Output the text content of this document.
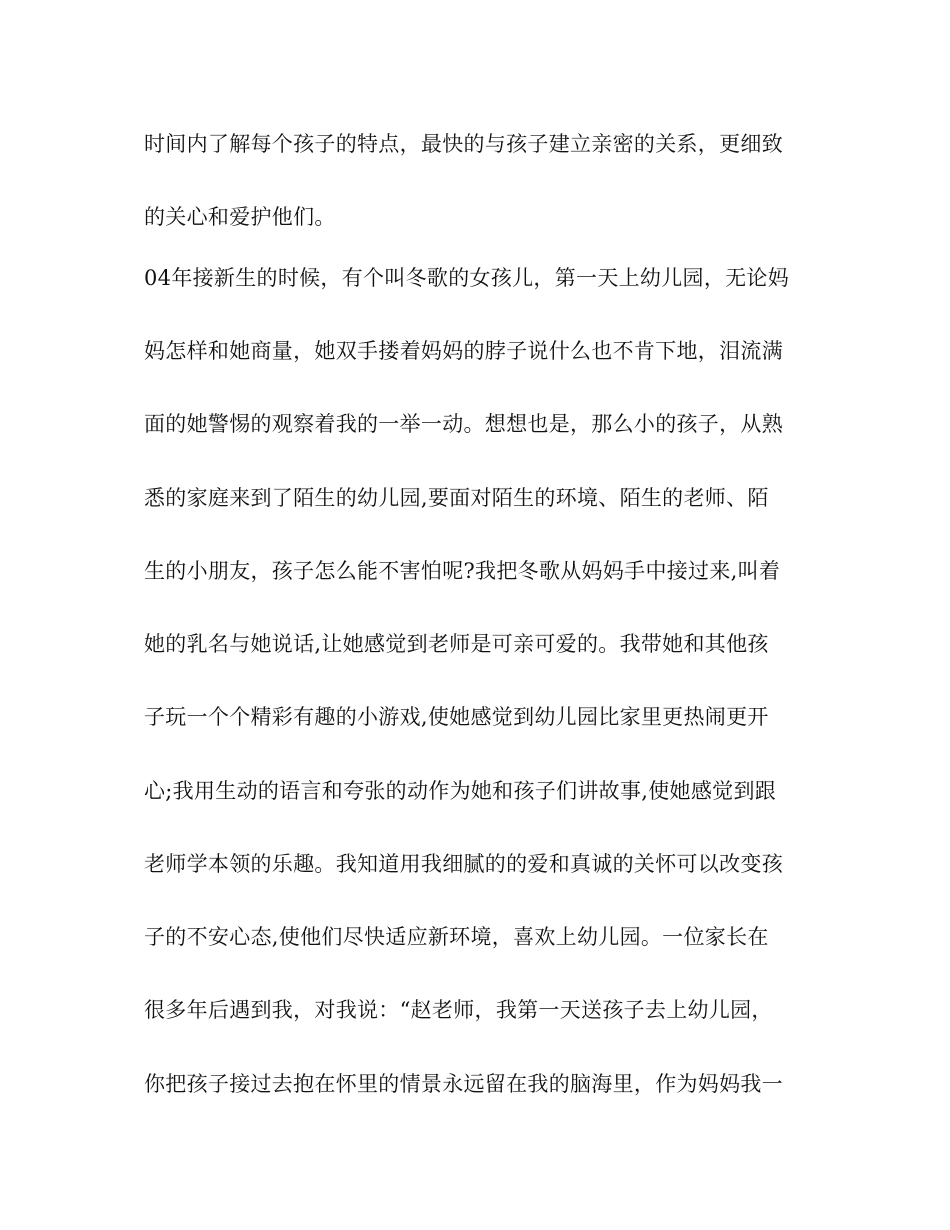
时间内了解每个孩子的特点，最快的与孩子建立亲密的关系，更细致
的关心和爱护他们。
04年接新生的时候，有个叫冬歌的女孩儿，第一天上幼儿园，无论妈
妈怎样和她商量，她双手搂着妈妈的脖子说什么也不肯下地，泪流满
面的她警惕的观察着我的一举一动。想想也是，那么小的孩子，从熟
悉的家庭来到了陌生的幼儿园,要面对陌生的环境、陌生的老师、陌
生的小朋友，孩子怎么能不害怕呢?我把冬歌从妈妈手中接过来,叫着
她的乳名与她说话,让她感觉到老师是可亲可爱的。我带她和其他孩
子玩一个个精彩有趣的小游戏,使她感觉到幼儿园比家里更热闹更开
心;我用生动的语言和夸张的动作为她和孩子们讲故事,使她感觉到跟
老师学本领的乐趣。我知道用我细腻的的爱和真诚的关怀可以改变孩
子的不安心态,使他们尽快适应新环境，喜欢上幼儿园。一位家长在
很多年后遇到我，对我说：“赵老师，我第一天送孩子去上幼儿园，
你把孩子接过去抱在怀里的情景永远留在我的脑海里，作为妈妈我一
